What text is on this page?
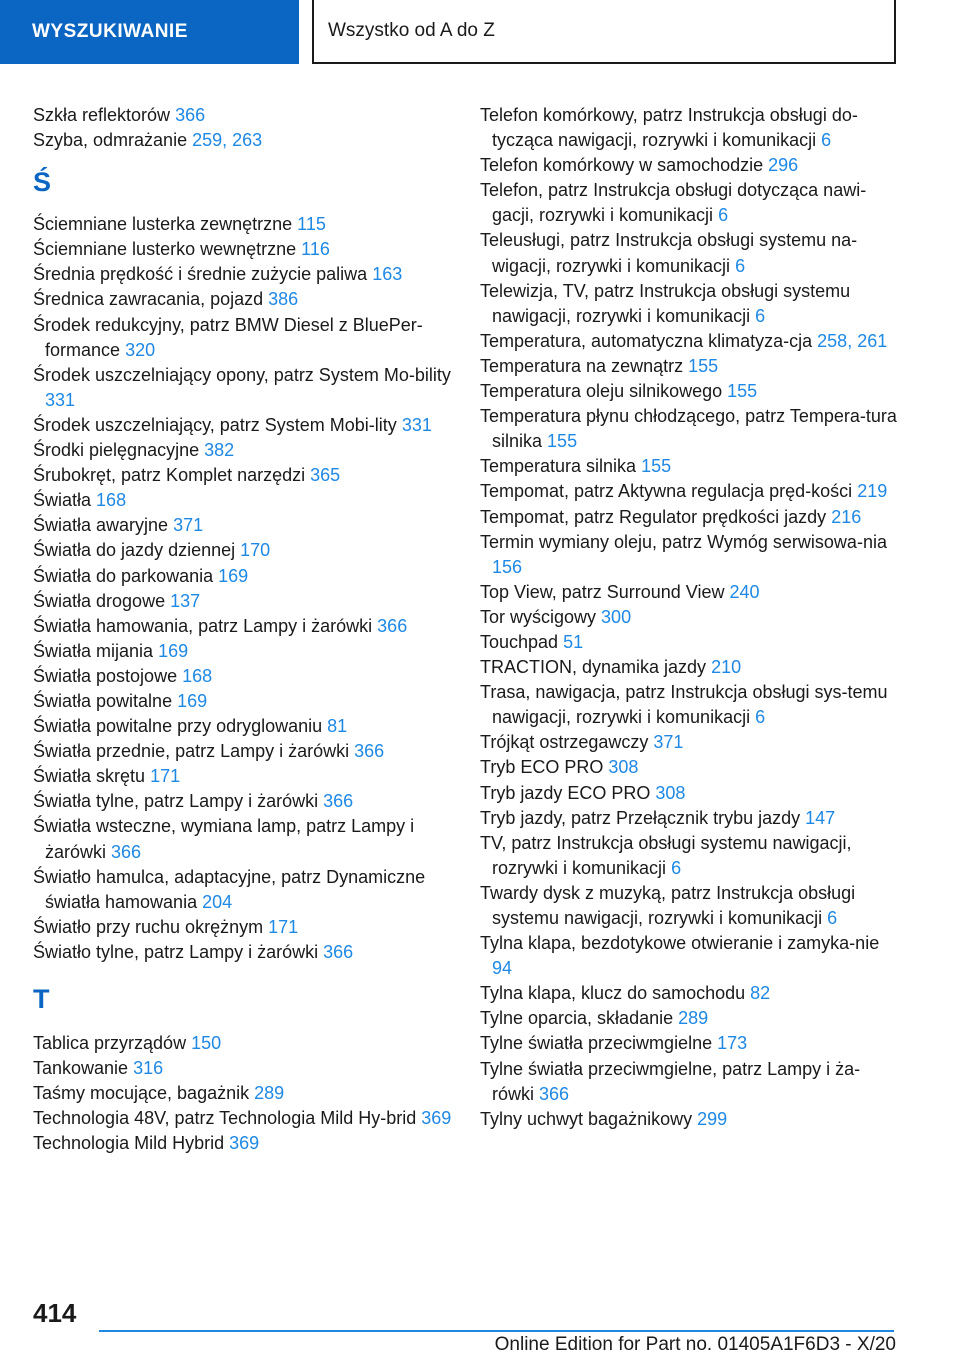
WYSZUKIWANIE	Wszystko od A do Z
Szkła reflektorów 366
Szyba, odmrażanie 259, 263
Ś
Ściemniane lusterka zewnętrzne 115
Ściemniane lusterko wewnętrzne 116
Średnia prędkość i średnie zużycie paliwa 163
Średnica zawracania, pojazd 386
Środek redukcyjny, patrz BMW Diesel z BluePer-formance 320
Środek uszczelniający opony, patrz System Mo-bility 331
Środek uszczelniający, patrz System Mobi-lity 331
Środki pielęgnacyjne 382
Śrubokręt, patrz Komplet narzędzi 365
Światła 168
Światła awaryjne 371
Światła do jazdy dziennej 170
Światła do parkowania 169
Światła drogowe 137
Światła hamowania, patrz Lampy i żarówki 366
Światła mijania 169
Światła postojowe 168
Światła powitalne 169
Światła powitalne przy odryglowaniu 81
Światła przednie, patrz Lampy i żarówki 366
Światła skrętu 171
Światła tylne, patrz Lampy i żarówki 366
Światła wsteczne, wymiana lamp, patrz Lampy i żarówki 366
Światło hamulca, adaptacyjne, patrz Dynamiczne światła hamowania 204
Światło przy ruchu okrężnym 171
Światło tylne, patrz Lampy i żarówki 366
T
Tablica przyrządów 150
Tankowanie 316
Taśmy mocujące, bagażnik 289
Technologia 48V, patrz Technologia Mild Hy-brid 369
Technologia Mild Hybrid 369
Telefon komórkowy, patrz Instrukcja obsługi do-tycząca nawigacji, rozrywki i komunikacji 6
Telefon komórkowy w samochodzie 296
Telefon, patrz Instrukcja obsługi dotycząca nawi-gacji, rozrywki i komunikacji 6
Teleusługi, patrz Instrukcja obsługi systemu na-wigacji, rozrywki i komunikacji 6
Telewizja, TV, patrz Instrukcja obsługi systemu nawigacji, rozrywki i komunikacji 6
Temperatura, automatyczna klimatyza-cja 258, 261
Temperatura na zewnątrz 155
Temperatura oleju silnikowego 155
Temperatura płynu chłodzącego, patrz Tempera-tura silnika 155
Temperatura silnika 155
Tempomat, patrz Aktywna regulacja pręd-kości 219
Tempomat, patrz Regulator prędkości jazdy 216
Termin wymiany oleju, patrz Wymóg serwisowa-nia 156
Top View, patrz Surround View 240
Tor wyścigowy 300
Touchpad 51
TRACTION, dynamika jazdy 210
Trasa, nawigacja, patrz Instrukcja obsługi sys-temu nawigacji, rozrywki i komunikacji 6
Trójkąt ostrzegawczy 371
Tryb ECO PRO 308
Tryb jazdy ECO PRO 308
Tryb jazdy, patrz Przełącznik trybu jazdy 147
TV, patrz Instrukcja obsługi systemu nawigacji, rozrywki i komunikacji 6
Twardy dysk z muzyką, patrz Instrukcja obsługi systemu nawigacji, rozrywki i komunikacji 6
Tylna klapa, bezdotykowe otwieranie i zamyka-nie 94
Tylna klapa, klucz do samochodu 82
Tylne oparcia, składanie 289
Tylne światła przeciwmgielne 173
Tylne światła przeciwmgielne, patrz Lampy i ża-rówki 366
Tylny uchwyt bagażnikowy 299
414
Online Edition for Part no. 01405A1F6D3 - X/20
